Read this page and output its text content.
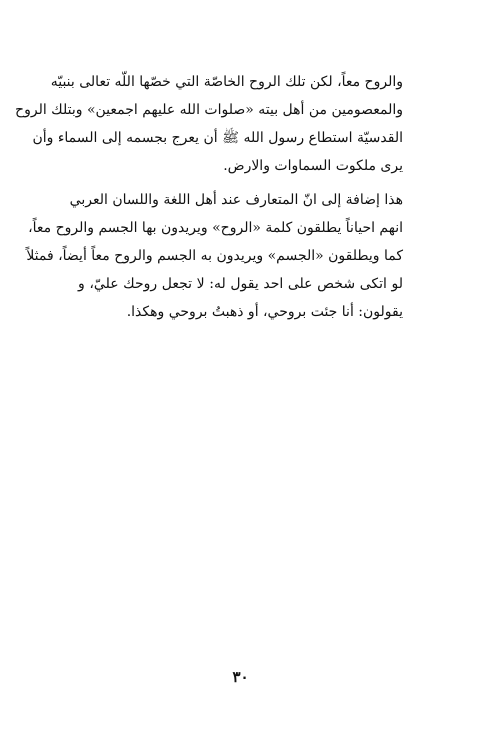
والروح معاً، لكن تلك الروح الخاصّة التي خصّها اللّه تعالى بنبيّه
والمعصومين من أهل بيته «صلوات الله عليهم اجمعين» وبتلك الروح
القدسيّة استطاع رسول الله ﷺ أن يعرج بجسمه إلى السماء وأن
يرى ملكوت السماوات والارض.
هذا إضافة إلى انّ المتعارف عند أهل اللغة واللسان العربي
انهم احياناً يطلقون كلمة «الروح» ويريدون بها الجسم والروح معاً،
كما ويطلقون «الجسم» ويريدون به الجسم والروح معاً أيضاً، فمثلاً
لو اتكى شخص على احد يقول له: لا تجعل روحك عليّ، و
يقولون: أنا جئت بروحي، أو ذهبتُ بروحي وهكذا.
٣٠
